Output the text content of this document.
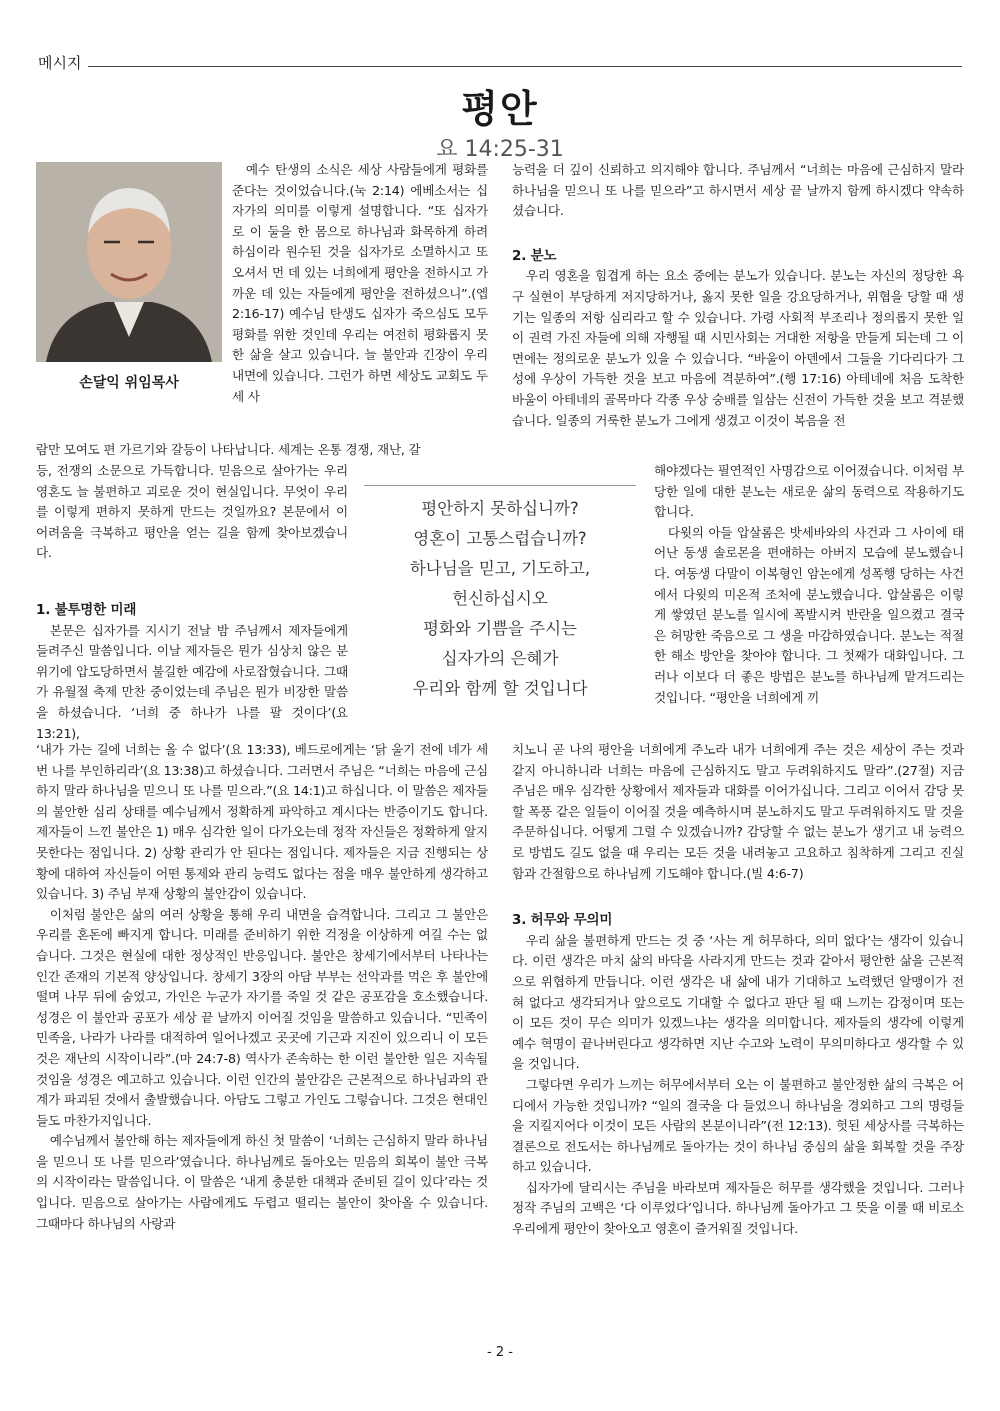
메시지
평안
요 14:25-31
손달익 위임목사

예수 탄생의 소식은 세상 사람들에게 평화를 준다는 것이었습니다.(눅 2:14) 에베소서는 십자가의 의미를 이렇게 설명합니다. “또 십자가로 이 둘을 한 몸으로 하나님과 화목하게 하려 하심이라 원수된 것을 십자가로 소멸하시고 또 오셔서 먼 데 있는 너희에게 평안을 전하시고 가까운 데 있는 자들에게 평안을 전하셨으니”.(엡 2:16-17) 예수님 탄생도 십자가 죽으심도 모두 평화를 위한 것인데 우리는 여전히 평화롭지 못한 삶을 살고 있습니다. 늘 불안과 긴장이 우리 내면에 있습니다. 그런가 하면 세상도 교회도 두세 사

람만 모여도 편 가르기와 갈등이 나타납니다. 세계는 온통 경쟁, 재난, 갈

등, 전쟁의 소문으로 가득합니다. 믿음으로 살아가는 우리 영혼도 늘 불편하고 괴로운 것이 현실입니다. 무엇이 우리를 이렇게 편하지 못하게 만드는 것일까요? 본문에서 이 어려움을 극복하고 평안을 얻는 길을 함께 찾아보겠습니다.

1. 불투명한 미래

본문은 십자가를 지시기 전날 밤 주님께서 제자들에게 들려주신 말씀입니다. 이날 제자들은 뭔가 심상치 않은 분위기에 압도당하면서 불길한 예감에 사로잡혔습니다. 그때가 유월절 축제 만찬 중이었는데 주님은 뭔가 비장한 말씀을 하셨습니다. ‘너희 중 하나가 나를 팔 것이다’(요 13:21),

‘내가 가는 길에 너희는 올 수 없다’(요 13:33), 베드로에게는 ‘닭 울기 전에 네가 세 번 나를 부인하리라’(요 13:38)고 하셨습니다. 그러면서 주님은 “너희는 마음에 근심하지 말라 하나님을 믿으니 또 나를 믿으라.”(요 14:1)고 하십니다. 이 말씀은 제자들의 불안한 심리 상태를 예수님께서 정확하게 파악하고 계시다는 반증이기도 합니다. 제자들이 느낀 불안은 1) 매우 심각한 일이 다가오는데 정작 자신들은 정확하게 알지 못한다는 점입니다. 2) 상황 관리가 안 된다는 점입니다. 제자들은 지금 진행되는 상황에 대하여 자신들이 어떤 통제와 관리 능력도 없다는 점을 매우 불안하게 생각하고 있습니다. 3) 주님 부재 상황의 불안감이 있습니다.

이처럼 불안은 삶의 여러 상황을 통해 우리 내면을 습격합니다. 그리고 그 불안은 우리를 혼돈에 빠지게 합니다. 미래를 준비하기 위한 걱정을 이상하게 여길 수는 없습니다. 그것은 현실에 대한 정상적인 반응입니다. 불안은 창세기에서부터 나타나는 인간 존재의 기본적 양상입니다. 창세기 3장의 아담 부부는 선악과를 먹은 후 불안에 떨며 나무 뒤에 숨었고, 가인은 누군가 자기를 죽일 것 같은 공포감을 호소했습니다. 성경은 이 불안과 공포가 세상 끝 날까지 이어질 것임을 말씀하고 있습니다. “민족이 민족을, 나라가 나라를 대적하여 일어나겠고 곳곳에 기근과 지진이 있으리니 이 모든 것은 재난의 시작이니라”.(마 24:7-8) 역사가 존속하는 한 이런 불안한 일은 지속될 것임을 성경은 예고하고 있습니다. 이런 인간의 불안감은 근본적으로 하나님과의 관계가 파괴된 것에서 출발했습니다. 아담도 그렇고 가인도 그렇습니다. 그것은 현대인들도 마찬가지입니다.

예수님께서 불안해 하는 제자들에게 하신 첫 말씀이 ‘너희는 근심하지 말라 하나님을 믿으니 또 나를 믿으라’였습니다. 하나님께로 돌아오는 믿음의 회복이 불안 극복의 시작이라는 말씀입니다. 이 말씀은 ‘내게 충분한 대책과 준비된 길이 있다’라는 것입니다. 믿음으로 살아가는 사람에게도 두렵고 떨리는 불안이 찾아올 수 있습니다. 그때마다 하나님의 사랑과

능력을 더 깊이 신뢰하고 의지해야 합니다. 주님께서 “너희는 마음에 근심하지 말라 하나님을 믿으니 또 나를 믿으라”고 하시면서 세상 끝 날까지 함께 하시겠다 약속하셨습니다.

2. 분노

우리 영혼을 힘겹게 하는 요소 중에는 분노가 있습니다. 분노는 자신의 정당한 욕구 실현이 부당하게 저지당하거나, 옳지 못한 일을 강요당하거나, 위협을 당할 때 생기는 일종의 저항 심리라고 할 수 있습니다. 가령 사회적 부조리나 정의롭지 못한 일이 권력 가진 자들에 의해 자행될 때 시민사회는 거대한 저항을 만들게 되는데 그 이면에는 정의로운 분노가 있을 수 있습니다. “바울이 아덴에서 그들을 기다리다가 그 성에 우상이 가득한 것을 보고 마음에 격분하여”.(행 17:16) 아테네에 처음 도착한 바울이 아테네의 골목마다 각종 우상 숭배를 일삼는 신전이 가득한 것을 보고 격분했습니다. 일종의 거룩한 분노가 그에게 생겼고 이것이 복음을 전

해야겠다는 필연적인 사명감으로 이어졌습니다. 이처럼 부당한 일에 대한 분노는 새로운 삶의 동력으로 작용하기도 합니다.

다윗의 아들 압살롬은 밧세바와의 사건과 그 사이에 태어난 동생 솔로몬을 편애하는 아버지 모습에 분노했습니다. 여동생 다말이 이복형인 암논에게 성폭행 당하는 사건에서 다윗의 미온적 조처에 분노했습니다. 압살롬은 이렇게 쌓였던 분노를 일시에 폭발시켜 반란을 일으켰고 결국은 허망한 죽음으로 그 생을 마감하였습니다. 분노는 적절한 해소 방안을 찾아야 합니다. 그 첫째가 대화입니다. 그러나 이보다 더 좋은 방법은 분노를 하나님께 맡겨드리는 것입니다. “평안을 너희에게 끼

치노니 곧 나의 평안을 너희에게 주노라 내가 너희에게 주는 것은 세상이 주는 것과 같지 아니하니라 너희는 마음에 근심하지도 말고 두려워하지도 말라”.(27절) 지금 주님은 매우 심각한 상황에서 제자들과 대화를 이어가십니다. 그리고 이어서 감당 못할 폭풍 같은 일들이 이어질 것을 예측하시며 분노하지도 말고 두려워하지도 말 것을 주문하십니다. 어떻게 그럴 수 있겠습니까? 감당할 수 없는 분노가 생기고 내 능력으로 방법도 길도 없을 때 우리는 모든 것을 내려놓고 고요하고 침착하게 그리고 진실함과 간절함으로 하나님께 기도해야 합니다.(빌 4:6-7)

3. 허무와 무의미

우리 삶을 불편하게 만드는 것 중 ‘사는 게 허무하다, 의미 없다’는 생각이 있습니다. 이런 생각은 마치 삶의 바닥을 사라지게 만드는 것과 같아서 평안한 삶을 근본적으로 위협하게 만듭니다. 이런 생각은 내 삶에 내가 기대하고 노력했던 알맹이가 전혀 없다고 생각되거나 앞으로도 기대할 수 없다고 판단 될 때 느끼는 감정이며 또는 이 모든 것이 무슨 의미가 있겠느냐는 생각을 의미합니다. 제자들의 생각에 이렇게 예수 혁명이 끝나버린다고 생각하면 지난 수고와 노력이 무의미하다고 생각할 수 있을 것입니다.

그렇다면 우리가 느끼는 허무에서부터 오는 이 불편하고 불안정한 삶의 극복은 어디에서 가능한 것입니까? “일의 결국을 다 들었으니 하나님을 경외하고 그의 명령들을 지킬지어다 이것이 모든 사람의 본분이니라”(전 12:13). 헛된 세상사를 극복하는 결론으로 전도서는 하나님께로 돌아가는 것이 하나님 중심의 삶을 회복할 것을 주장하고 있습니다.

십자가에 달리시는 주님을 바라보며 제자들은 허무를 생각했을 것입니다. 그러나 정작 주님의 고백은 ‘다 이루었다’입니다. 하나님께 돌아가고 그 뜻을 이룰 때 비로소 우리에게 평안이 찾아오고 영혼이 즐거워질 것입니다.

평안하지 못하십니까?
영혼이 고통스럽습니까?
하나님을 믿고, 기도하고,
헌신하십시오
평화와 기쁨을 주시는
십자가의 은혜가
우리와 함께 할 것입니다
- 2 -
